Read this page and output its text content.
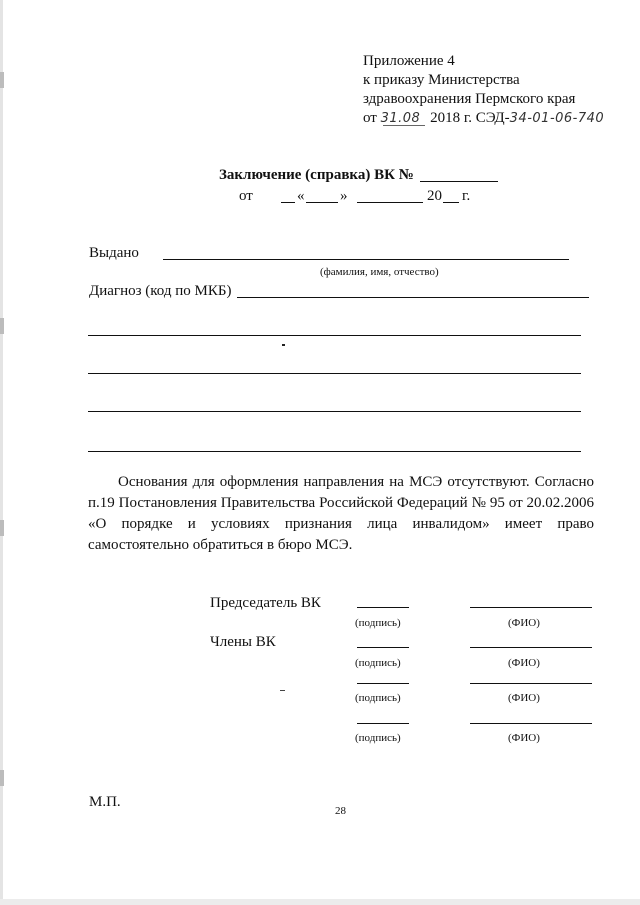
Приложение 4
к приказу Министерства
здравоохранения Пермского края
от 31.08 2018 г. СЭД-34-01-06-740
Заключение (справка) ВК №
от	« »	20 г.
Выдано
(фамилия, имя, отчество)
Диагноз (код по МКБ)
Основания для оформления направления на МСЭ отсутствуют. Согласно п.19 Постановления Правительства Российской Федераций № 95 от 20.02.2006 «О порядке и условиях признания лица инвалидом» имеет право самостоятельно обратиться в бюро МСЭ.
Председатель ВК
(подпись)	(ФИО)
Члены ВК
(подпись)	(ФИО)
(подпись)	(ФИО)
(подпись)	(ФИО)
М.П.
28
